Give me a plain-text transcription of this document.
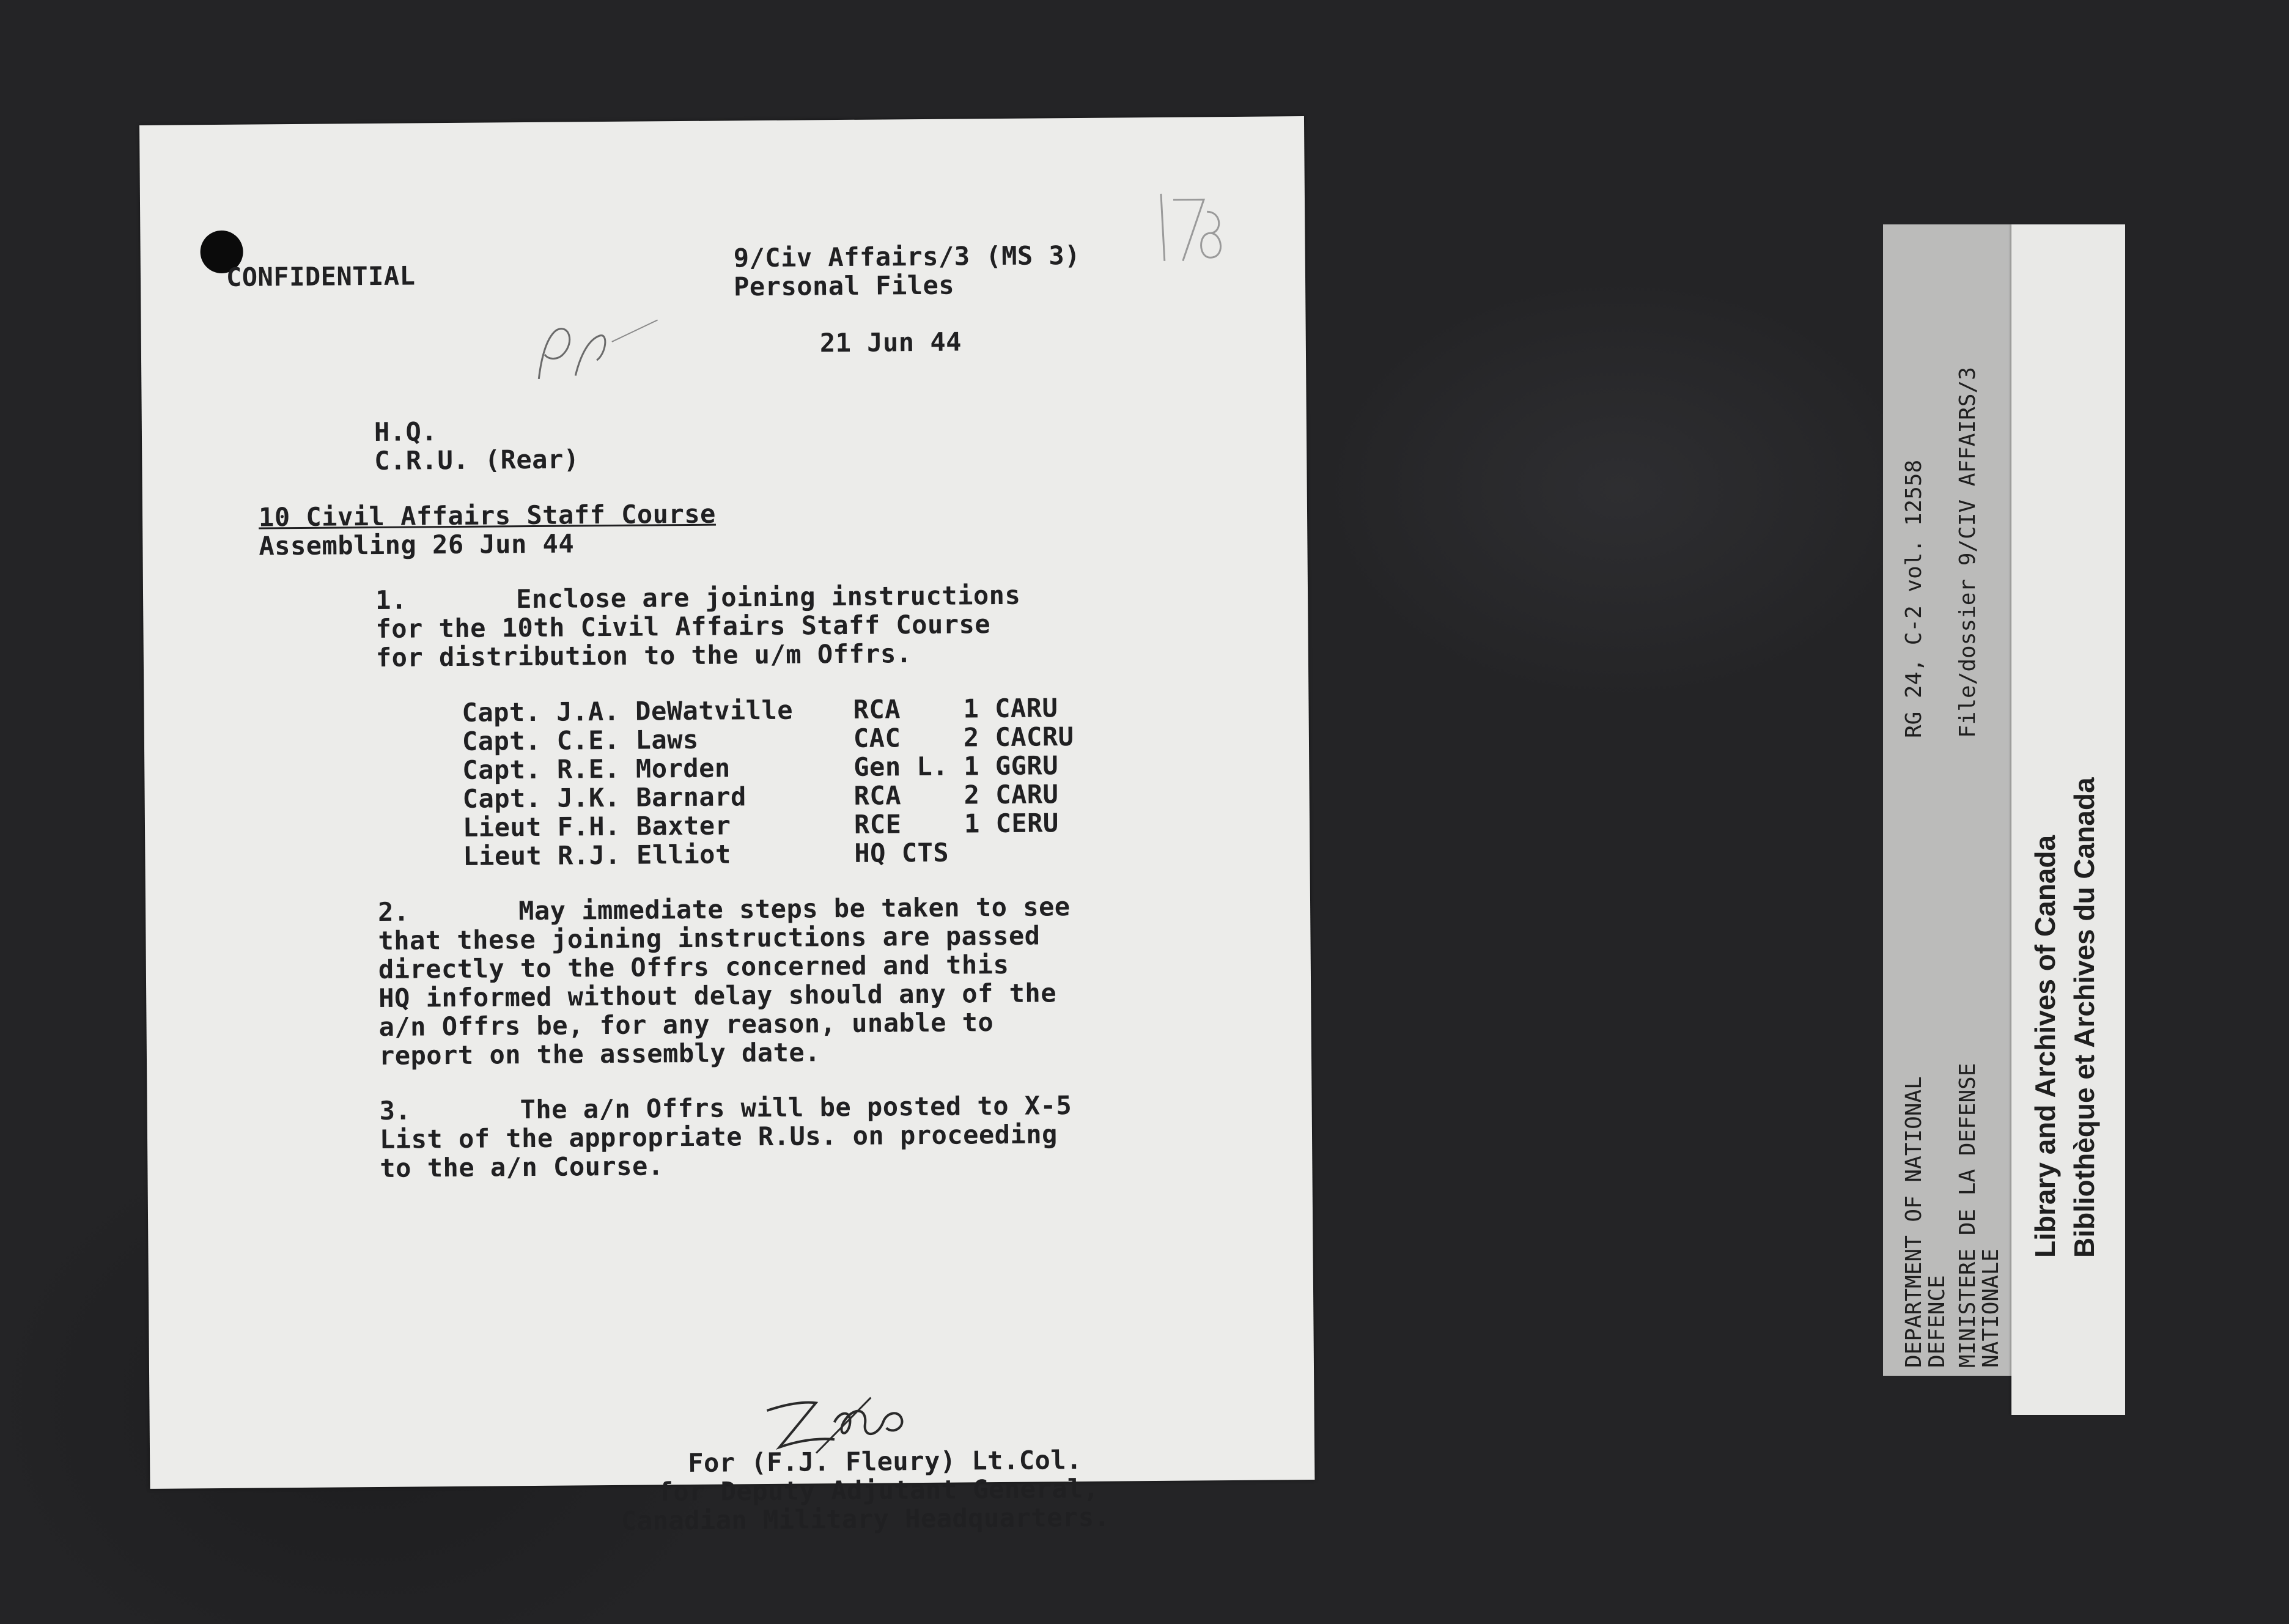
CONFIDENTIAL
9/Civ Affairs/3 (MS 3)
Personal Files
21 Jun 44
H.Q.
C.R.U. (Rear)
10 Civil Affairs Staff Course
Assembling 26 Jun 44
1.	Enclose are joining instructions
for the 10th Civil Affairs Staff Course
for distribution to the u/m Offrs.
Capt. J.A. DeWatville RCA 1 CARU
Capt. C.E. Laws	CAC 2 CACRU
Capt. R.E. Morden	Gen L. 1 GGRU
Capt. J.K. Barnard	RCA 2 CARU
Lieut F.H. Baxter	RCE 1 CERU
Lieut R.J. Elliot	HQ CTS
2.	May immediate steps be taken to see
that these joining instructions are passed
directly to the Offrs concerned and this
HQ informed without delay should any of the
a/n Offrs be, for any reason, unable to
report on the assembly date.
3.	The a/n Offrs will be posted to X-5
List of the appropriate R.Us. on proceeding
to the a/n Course.
For (F.J. Fleury) Lt.Col.
for Deputy Adjutant General,
Canadian Military Headquarters.
DEPARTMENT OF NATIONAL
DEFENCE MINISTERE DE LA DEFENSE
NATIONALE
RG 24, C-2 vol. 12558 File/dossier 9/CIV AFFAIRS/3
Library and Archives of Canada Bibliothèque et Archives du Canada
